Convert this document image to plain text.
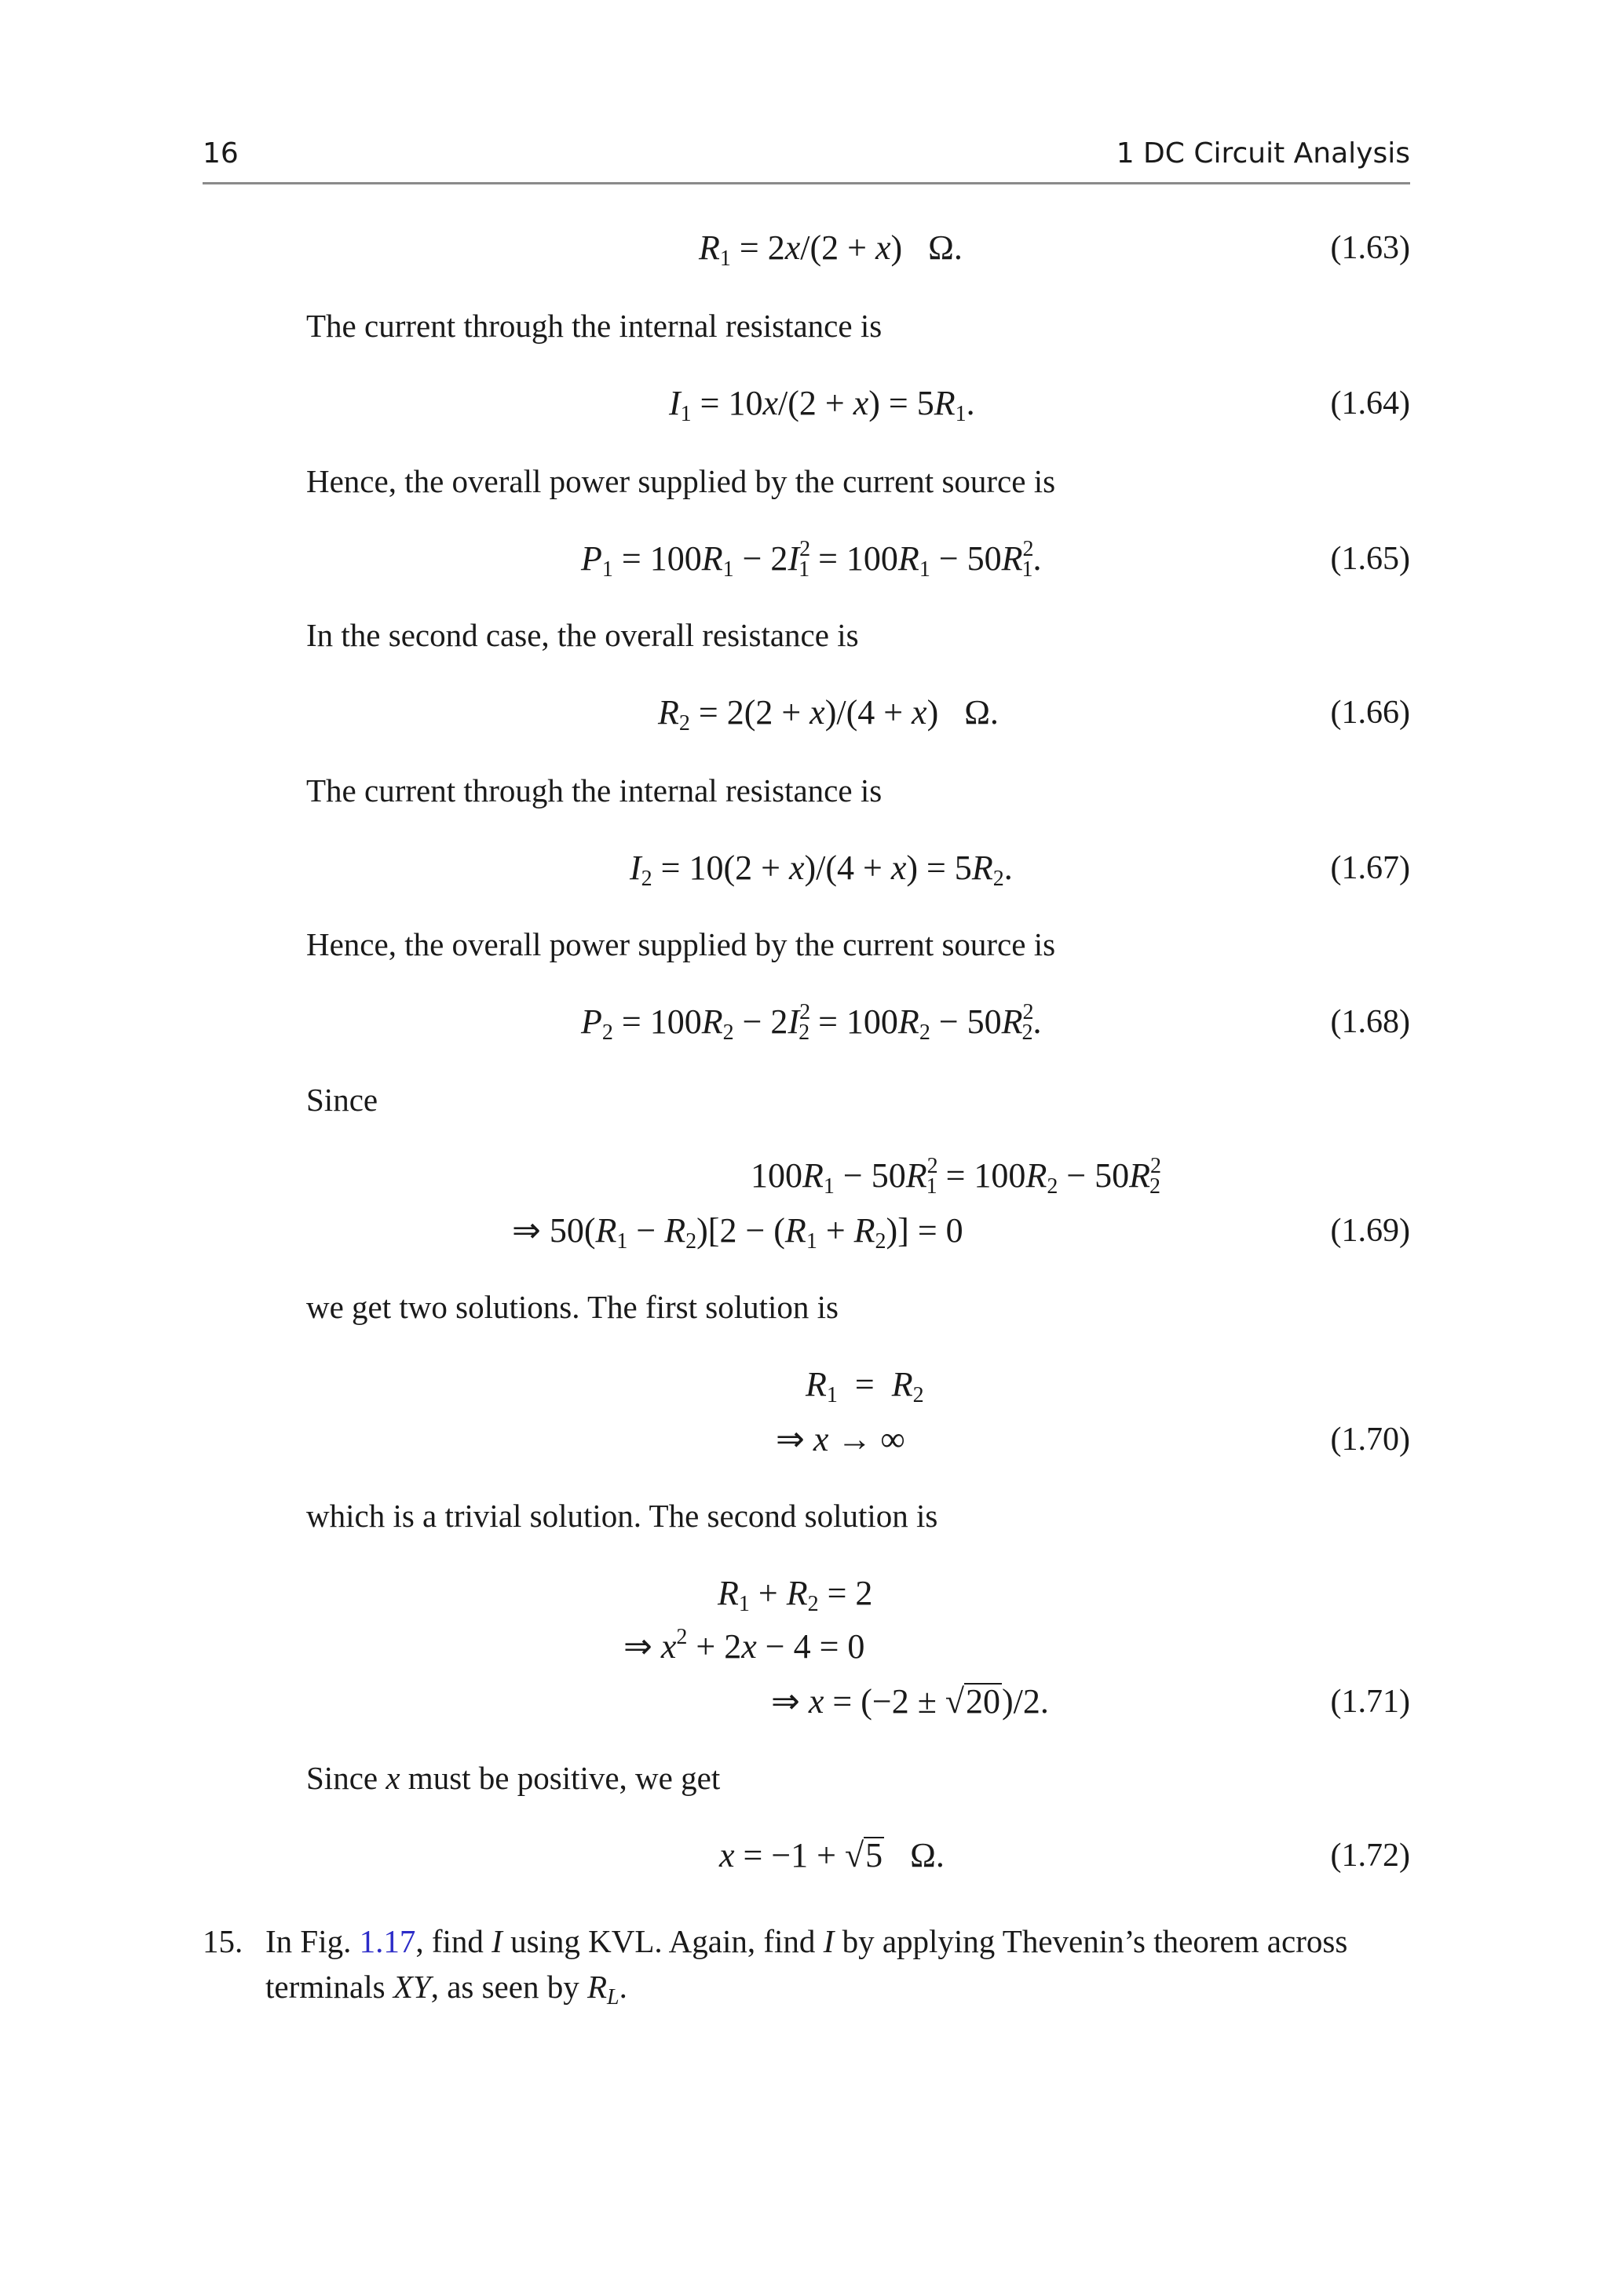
16	1 DC Circuit Analysis
$R_1 = 2x/(2 + x)$   Ω.	(1.63)
The current through the internal resistance is
$I_1 = 10x/(2 + x) = 5R_1$.	(1.64)
Hence, the overall power supplied by the current source is
$P_1 = 100R_1 - 2I^2_1 = 100R_1 - 50R^2_1$.	(1.65)
In the second case, the overall resistance is
$R_2 = 2(2 + x)/(4 + x)$   Ω.	(1.66)
The current through the internal resistance is
$I_2 = 10(2 + x)/(4 + x) = 5R_2$.	(1.67)
Hence, the overall power supplied by the current source is
$P_2 = 100R_2 - 2I^2_2 = 100R_2 - 50R^2_2$.	(1.68)
Since
$100R_1 - 50R^2_1 = 100R_2 - 50R^2_2$
⇒ $50(R_1 - R_2)[2 - (R_1 + R_2)] = 0$	(1.69)
we get two solutions. The first solution is
$R_1 = R_2$
⇒ x → ∞	(1.70)
which is a trivial solution. The second solution is
$R_1 + R_2 = 2$
⇒ $x^2 + 2x - 4 = 0$
⇒ x = (−2 ± √20)/2.	(1.71)
Since x must be positive, we get
x = −1 + √5   Ω.	(1.72)
15. In Fig. 1.17, find I using KVL. Again, find I by applying Thevenin’s theorem across
terminals XY, as seen by $R_L$.
